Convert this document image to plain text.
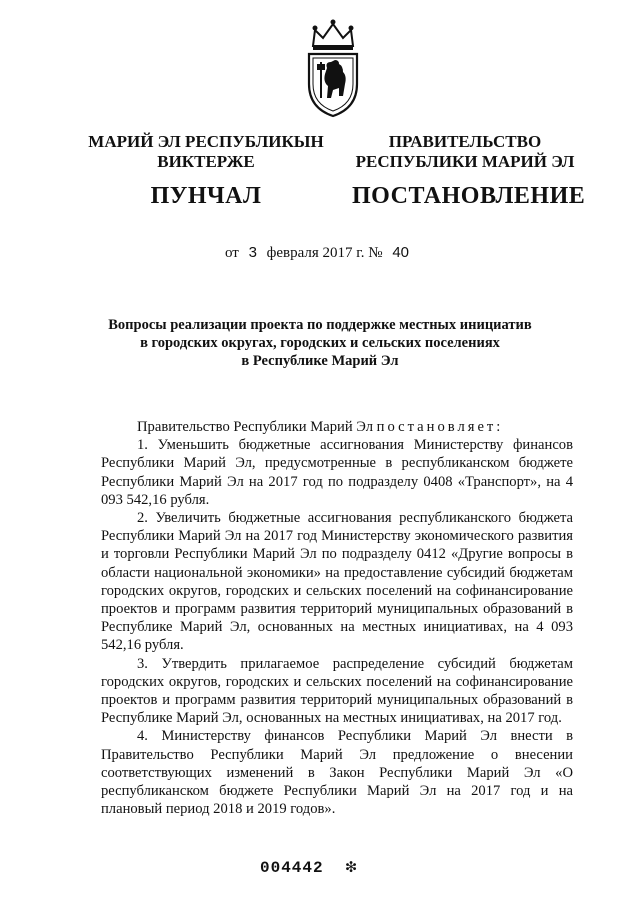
МАРИЙ ЭЛ РЕСПУБЛИКЫН
ВИКТЕРЖЕ
ПУНЧАЛ
ПРАВИТЕЛЬСТВО
РЕСПУБЛИКИ МАРИЙ ЭЛ
ПОСТАНОВЛЕНИЕ
от 3 февраля 2017 г. № 40
Вопросы реализации проекта по поддержке местных инициатив
в городских округах, городских и сельских поселениях
в Республике Марий Эл

Правительство Республики Марий Эл постановляет:

1. Уменьшить бюджетные ассигнования Министерству финансов Республики Марий Эл, предусмотренные в республиканском бюджете Республики Марий Эл на 2017 год по подразделу 0408 «Транспорт», на 4 093 542,16 рубля.

2. Увеличить бюджетные ассигнования республиканского бюджета Республики Марий Эл на 2017 год Министерству экономического развития и торговли Республики Марий Эл по подразделу 0412 «Другие вопросы в области национальной экономики» на предоставление субсидий бюджетам городских округов, городских и сельских поселений на софинансирование проектов и программ развития территорий муниципальных образований в Республике Марий Эл, основанных на местных инициативах, на 4 093 542,16 рубля.

3. Утвердить прилагаемое распределение субсидий бюджетам городских округов, городских и сельских поселений на софинансирование проектов и программ развития территорий муниципальных образований в Республике Марий Эл, основанных на местных инициативах, на 2017 год.

4. Министерству финансов Республики Марий Эл внести в Правительство Республики Марий Эл предложение о внесении соответствующих изменений в Закон Республики Марий Эл «О республиканском бюджете Республики Марий Эл на 2017 год и на плановый период 2018 и 2019 годов».

004442 ❇
